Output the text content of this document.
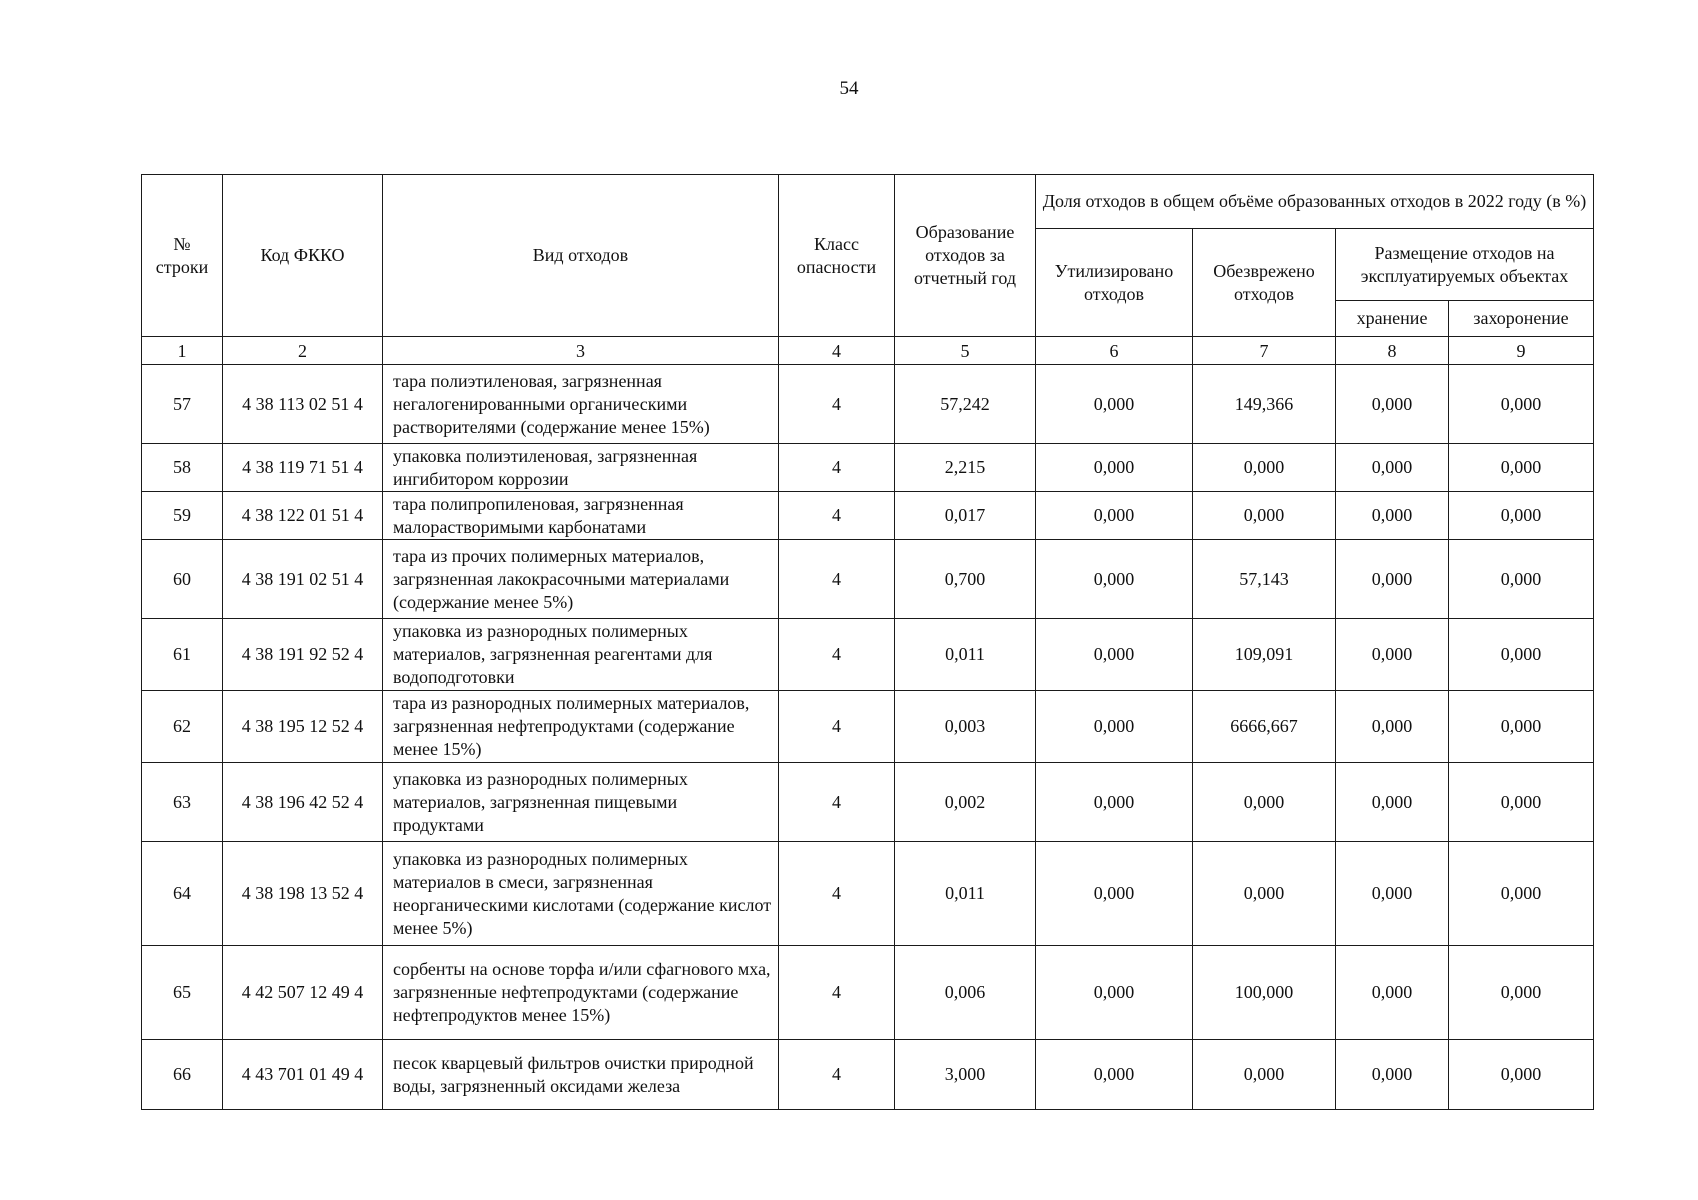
54
№ строки	Код ФККО	Вид отходов	Класс опасности	Образование отходов за отчетный год	Доля отходов в общем объёме образованных отходов в 2022 году (в %)			
					Утилизировано отходов	Обезврежено отходов	Размещение отходов на эксплуатируемых объектах	
							хранение	захоронение
1	2	3	4	5	6	7	8	9
57	4 38 113 02 51 4	тара полиэтиленовая, загрязненная негалогенированными органическими растворителями (содержание менее 15%)	4	57,242	0,000	149,366	0,000	0,000
58	4 38 119 71 51 4	упаковка полиэтиленовая, загрязненная ингибитором коррозии	4	2,215	0,000	0,000	0,000	0,000
59	4 38 122 01 51 4	тара полипропиленовая, загрязненная малорастворимыми карбонатами	4	0,017	0,000	0,000	0,000	0,000
60	4 38 191 02 51 4	тара из прочих полимерных материалов, загрязненная лакокрасочными материалами (содержание менее 5%)	4	0,700	0,000	57,143	0,000	0,000
61	4 38 191 92 52 4	упаковка из разнородных полимерных материалов, загрязненная реагентами для водоподготовки	4	0,011	0,000	109,091	0,000	0,000
62	4 38 195 12 52 4	тара из разнородных полимерных материалов, загрязненная нефтепродуктами (содержание менее 15%)	4	0,003	0,000	6666,667	0,000	0,000
63	4 38 196 42 52 4	упаковка из разнородных полимерных материалов, загрязненная пищевыми продуктами	4	0,002	0,000	0,000	0,000	0,000
64	4 38 198 13 52 4	упаковка из разнородных полимерных материалов в смеси, загрязненная неорганическими кислотами (содержание кислот менее 5%)	4	0,011	0,000	0,000	0,000	0,000
65	4 42 507 12 49 4	сорбенты на основе торфа и/или сфагнового мха, загрязненные нефтепродуктами (содержание нефтепродуктов менее 15%)	4	0,006	0,000	100,000	0,000	0,000
66	4 43 701 01 49 4	песок кварцевый фильтров очистки природной воды, загрязненный оксидами железа	4	3,000	0,000	0,000	0,000	0,000
